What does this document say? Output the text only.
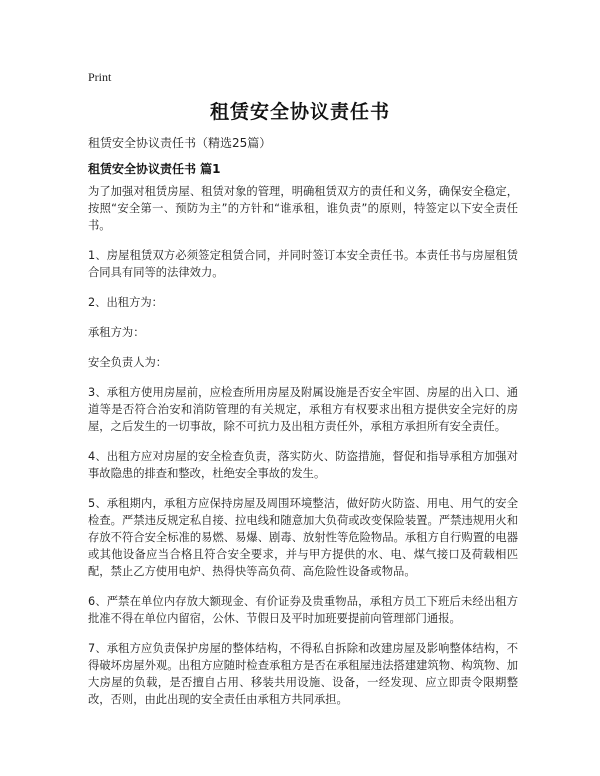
Print
租赁安全协议责任书
租赁安全协议责任书（精选25篇）
租赁安全协议责任书 篇1

为了加强对租赁房屋、租赁对象的管理，明确租赁双方的责任和义务，确保安全稳定，按照“安全第一、预防为主”的方针和“谁承租，谁负责”的原则，特签定以下安全责任书。

1、房屋租赁双方必须签定租赁合同，并同时签订本安全责任书。本责任书与房屋租赁合同具有同等的法律效力。

2、出租方为：

承租方为：

安全负责人为：

3、承租方使用房屋前，应检查所用房屋及附属设施是否安全牢固、房屋的出入口、通道等是否符合治安和消防管理的有关规定，承租方有权要求出租方提供安全完好的房屋，之后发生的一切事故，除不可抗力及出租方责任外，承租方承担所有安全责任。

4、出租方应对房屋的安全检查负责，落实防火、防盗措施，督促和指导承租方加强对事故隐患的排查和整改，杜绝安全事故的发生。

5、承租期内，承租方应保持房屋及周围环境整洁，做好防火防盗、用电、用气的安全检查。严禁违反规定私自接、拉电线和随意加大负荷或改变保险装置。严禁违规用火和存放不符合安全标准的易燃、易爆、剧毒、放射性等危险物品。承租方自行购置的电器或其他设备应当合格且符合安全要求，并与甲方提供的水、电、煤气接口及荷载相匹配，禁止乙方使用电炉、热得快等高负荷、高危险性设备或物品。

6、严禁在单位内存放大额现金、有价证券及贵重物品，承租方员工下班后未经出租方批准不得在单位内留宿，公休、节假日及平时加班要提前向管理部门通报。

7、承租方应负责保护房屋的整体结构，不得私自拆除和改建房屋及影响整体结构，不得破坏房屋外观。出租方应随时检查承租方是否在承租屋违法搭建建筑物、构筑物、加大房屋的负载，是否擅自占用、移装共用设施、设备，一经发现、应立即责令限期整改，否则，由此出现的安全责任由承租方共同承担。
